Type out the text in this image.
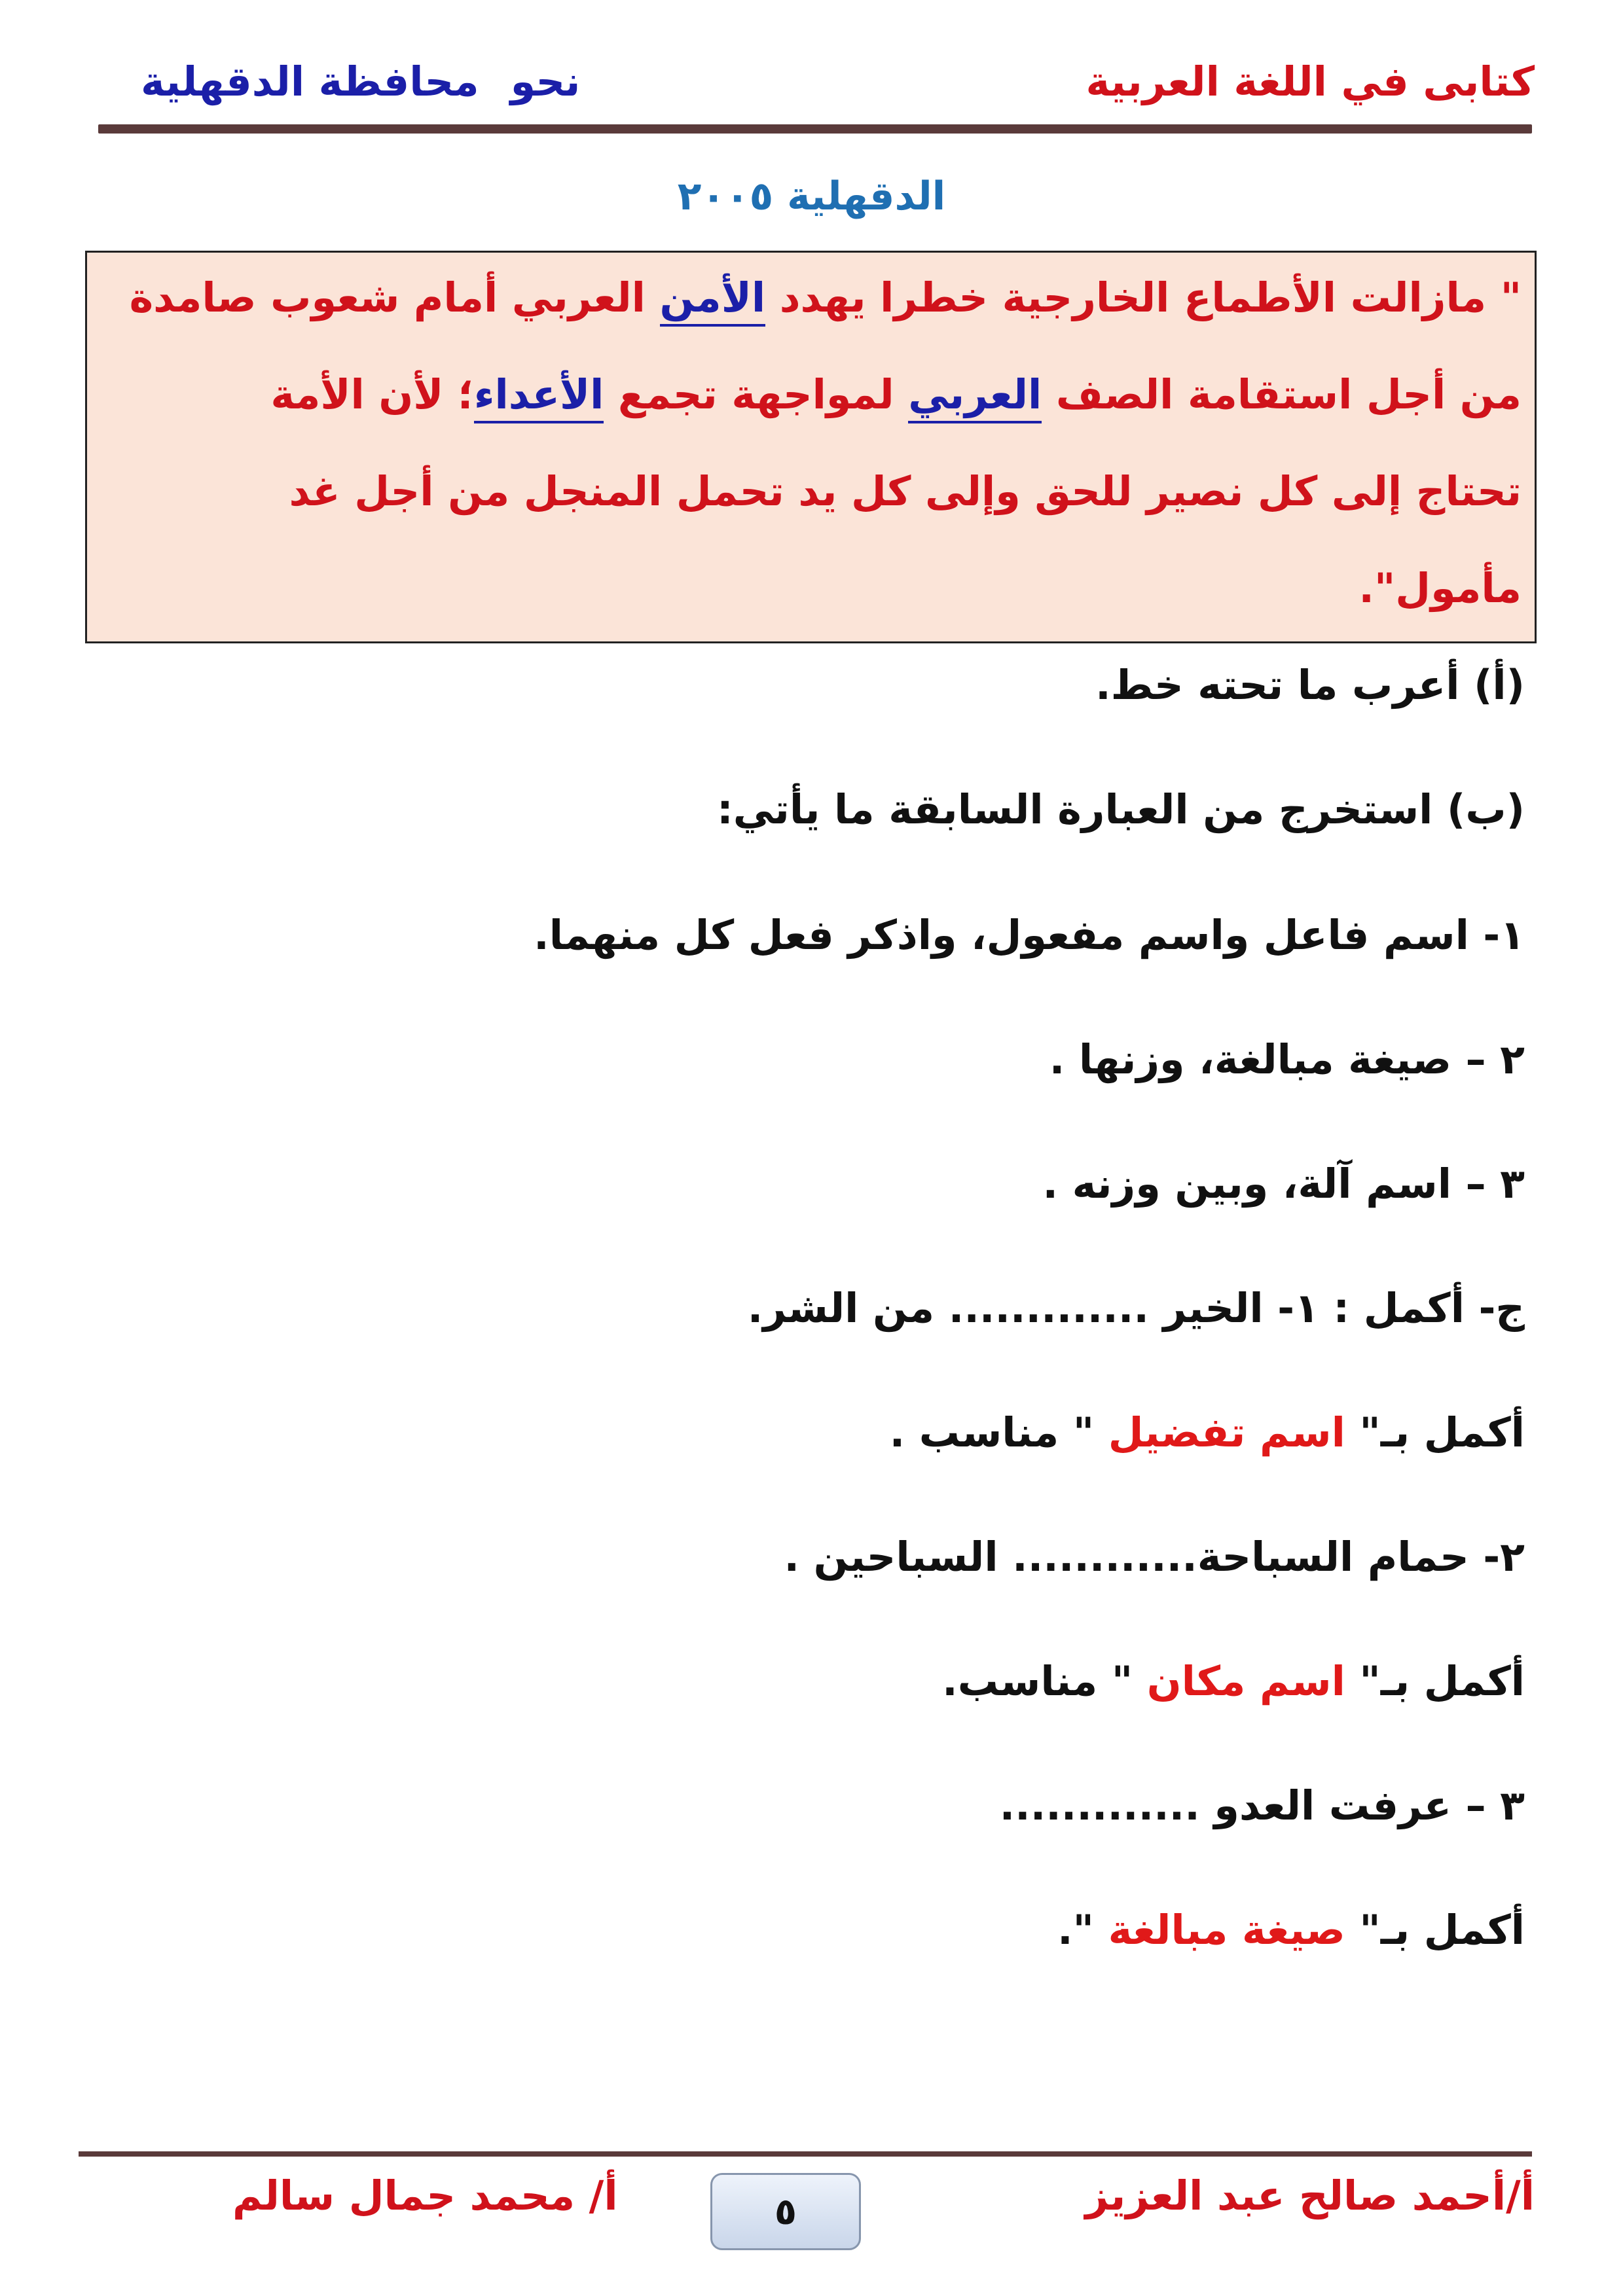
كتابى في اللغة العربية
نحومحافظة الدقهلية
الدقهلية ٢٠٠٥
" مازالت الأطماع الخارجية خطرا يهدد الأمن العربي أمام شعوب صامدة
من أجل استقامة الصف العربي لمواجهة تجمع الأعداء؛ لأن الأمة
تحتاج إلى كل نصير للحق وإلى كل يد تحمل المنجل من أجل غد
مأمول".
(أ) أعرب ما تحته خط.
(ب) استخرج من العبارة السابقة ما يأتي:
١- اسم فاعل واسم مفعول، واذكر فعل كل منهما.
٢ – صيغة مبالغة، وزنها .
٣ – اسم آلة، وبين وزنه .
ج- أكمل : ١- الخير ............. من الشر.
أكمل بـ" اسم تفضيل " مناسب .
٢- حمام السباحة............ السباحين .
أكمل بـ" اسم مكان " مناسب.
٣ – عرفت العدو .............
أكمل بـ" صيغة مبالغة ".
أ/أحمد صالح عبد العزيز
٥
أ/ محمد جمال سالم
